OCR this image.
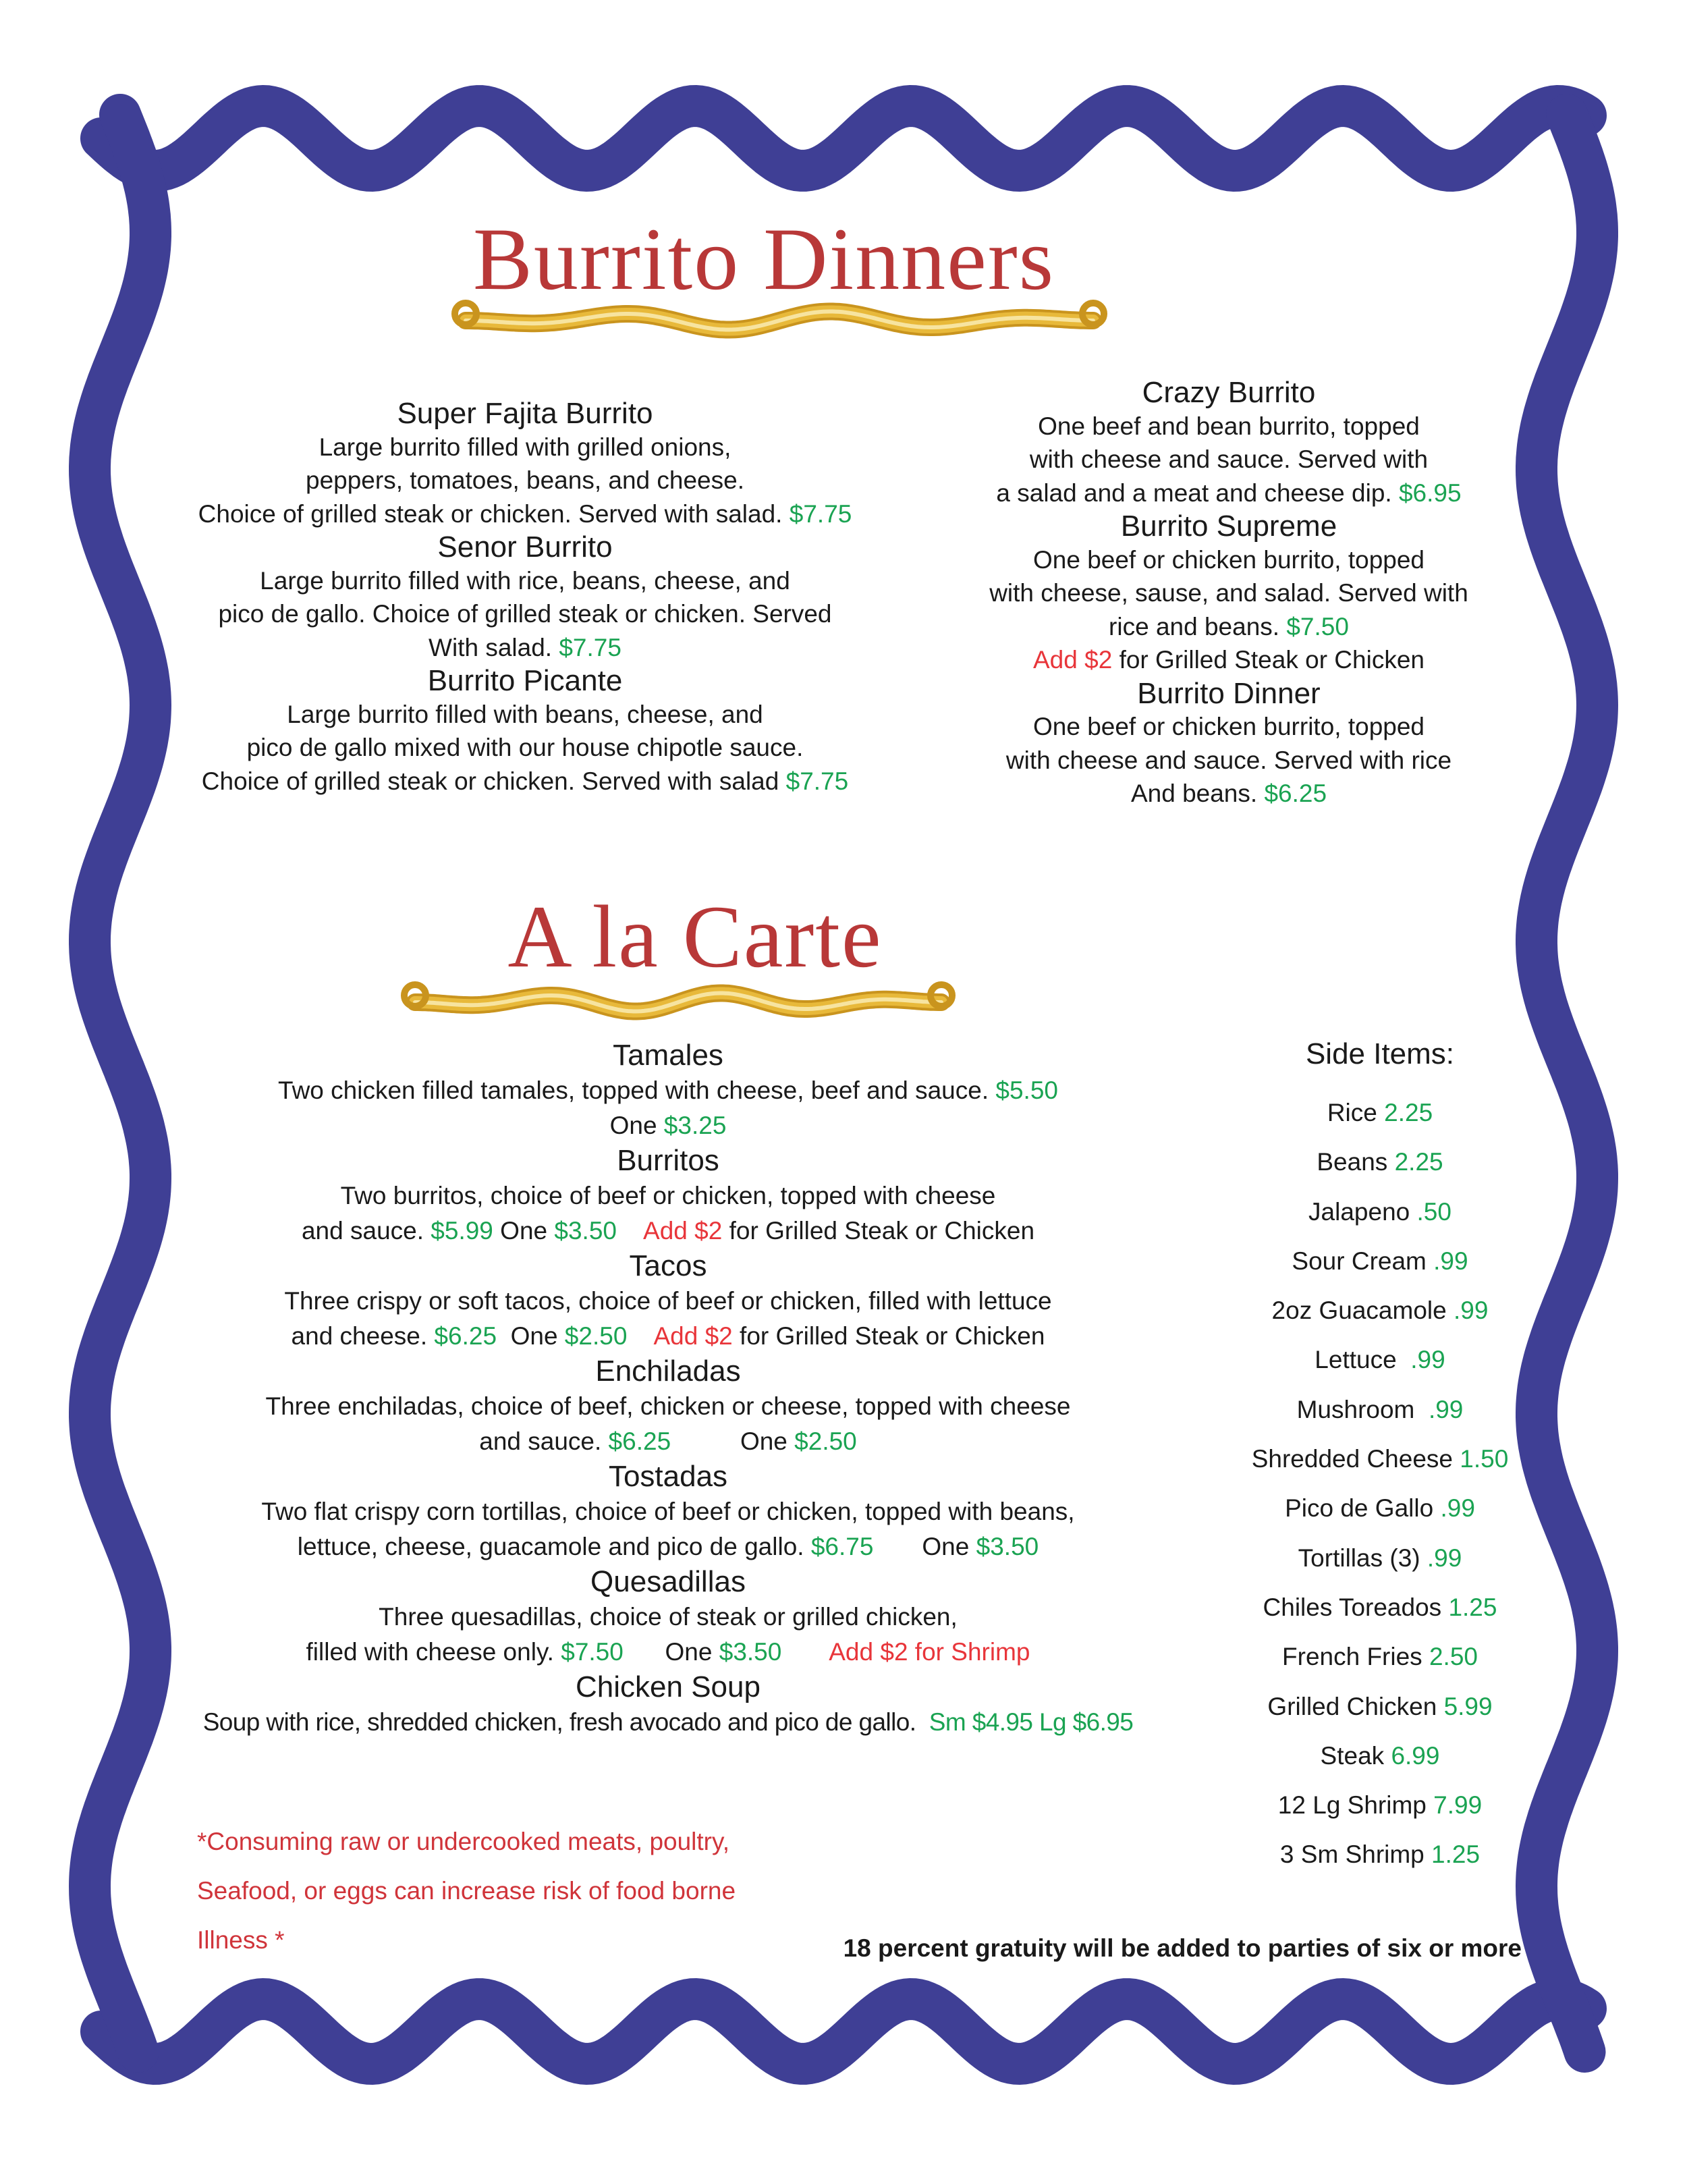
Burrito Dinners
Super Fajita Burrito
Large burrito filled with grilled onions,
peppers, tomatoes, beans, and cheese.
Choice of grilled steak or chicken. Served with salad. $7.75
Senor Burrito
Large burrito filled with rice, beans, cheese, and
pico de gallo. Choice of grilled steak or chicken. Served
With salad. $7.75
Burrito Picante
Large burrito filled with beans, cheese, and
pico de gallo mixed with our house chipotle sauce.
Choice of grilled steak or chicken. Served with salad $7.75
Crazy Burrito
One beef and bean burrito, topped
with cheese and sauce. Served with
a salad and a meat and cheese dip. $6.95
Burrito Supreme
One beef or chicken burrito, topped
with cheese, sause, and salad. Served with
rice and beans. $7.50
Add $2 for Grilled Steak or Chicken
Burrito Dinner
One beef or chicken burrito, topped
with cheese and sauce. Served with rice
And beans. $6.25
A la Carte
Tamales
Two chicken filled tamales, topped with cheese, beef and sauce. $5.50
One $3.25
Burritos
Two burritos, choice of beef or chicken, topped with cheese
and sauce. $5.99 One $3.50 Add $2 for Grilled Steak or Chicken
Tacos
Three crispy or soft tacos, choice of beef or chicken, filled with lettuce
and cheese. $6.25  One $2.50 Add $2 for Grilled Steak or Chicken
Enchiladas
Three enchiladas, choice of beef, chicken or cheese, topped with cheese
and sauce. $6.25          One $2.50
Tostadas
Two flat crispy corn tortillas, choice of beef or chicken, topped with beans,
lettuce, cheese, guacamole and pico de gallo. $6.75       One $3.50
Quesadillas
Three quesadillas, choice of steak or grilled chicken,
filled with cheese only. $7.50      One $3.50 Add $2 for Shrimp
Chicken Soup
Soup with rice, shredded chicken, fresh avocado and pico de gallo.  Sm $4.95 Lg $6.95
Side Items:
Rice 2.25
Beans 2.25
Jalapeno .50
Sour Cream .99
2oz Guacamole .99
Lettuce  .99
Mushroom  .99
Shredded Cheese 1.50
Pico de Gallo .99
Tortillas (3) .99
Chiles Toreados 1.25
French Fries 2.50
Grilled Chicken 5.99
Steak 6.99
12 Lg Shrimp 7.99
3 Sm Shrimp 1.25
*Consuming raw or undercooked meats, poultry,
Seafood, or eggs can increase risk of food borne
Illness *	18 percent gratuity will be added to parties of six or more
